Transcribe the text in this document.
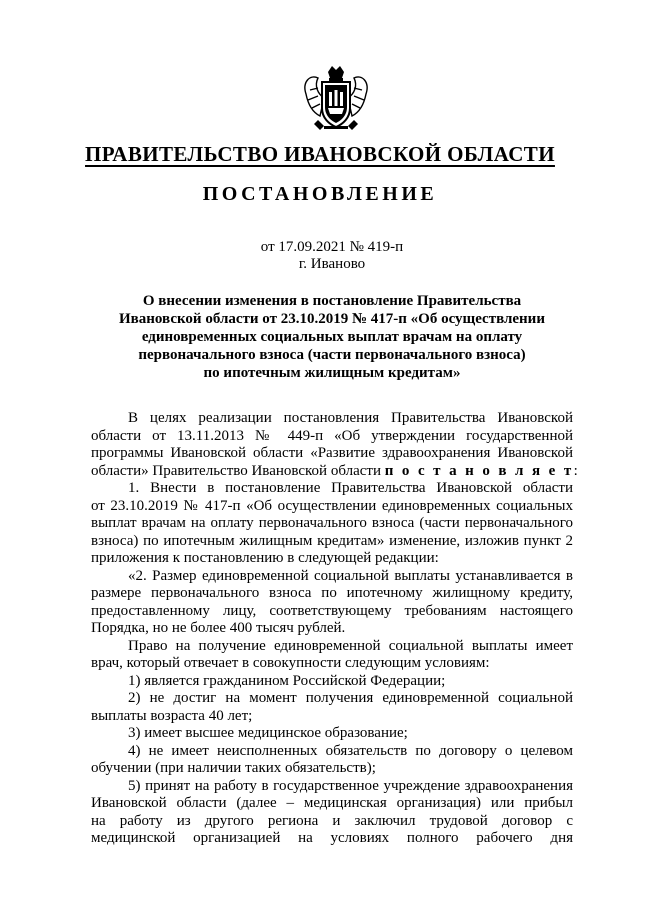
ПРАВИТЕЛЬСТВО ИВАНОВСКОЙ ОБЛАСТИ
ПОСТАНОВЛЕНИЕ
от 17.09.2021 № 419-п
г. Иваново
О внесении изменения в постановление Правительства
Ивановской области от 23.10.2019 № 417-п «Об осуществлении
единовременных социальных выплат врачам на оплату
первоначального взноса (части первоначального взноса)
по ипотечным жилищным кредитам»
В целях реализации постановления Правительства Ивановской
области от 13.11.2013 № 449-п «Об утверждении государственной
программы Ивановской области «Развитие здравоохранения Ивановской
области» Правительство Ивановской области п о с т а н о в л я е т:
1. Внести в постановление Правительства Ивановской области
от 23.10.2019 № 417-п «Об осуществлении единовременных социальных
выплат врачам на оплату первоначального взноса (части первоначального
взноса) по ипотечным жилищным кредитам» изменение, изложив пункт 2
приложения к постановлению в следующей редакции:
«2. Размер единовременной социальной выплаты устанавливается в
размере первоначального взноса по ипотечному жилищному кредиту,
предоставленному лицу, соответствующему требованиям настоящего
Порядка, но не более 400 тысяч рублей.
Право на получение единовременной социальной выплаты имеет
врач, который отвечает в совокупности следующим условиям:
1) является гражданином Российской Федерации;
2) не достиг на момент получения единовременной социальной
выплаты возраста 40 лет;
3) имеет высшее медицинское образование;
4) не имеет неисполненных обязательств по договору о целевом
обучении (при наличии таких обязательств);
5) принят на работу в государственное учреждение здравоохранения
Ивановской области (далее – медицинская организация) или прибыл
на работу из другого региона и заключил трудовой договор с
медицинской организацией на условиях полного рабочего дня
